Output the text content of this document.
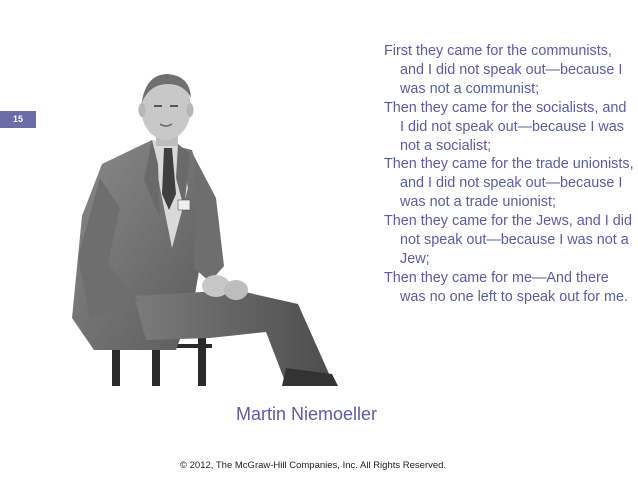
15
First they came for the communists, and I did not speak out—because I was not a communist;
Then they came for the socialists, and I did not speak out—because I was not a socialist;
Then they came for the trade unionists, and I did not speak out—because I was not a trade unionist;
Then they came for the Jews, and I did not speak out—because I was not a Jew;
Then they came for me—And there was no one left to speak out for me.
Martin Niemoeller
© 2012, The McGraw-Hill Companies, Inc. All Rights Reserved.
